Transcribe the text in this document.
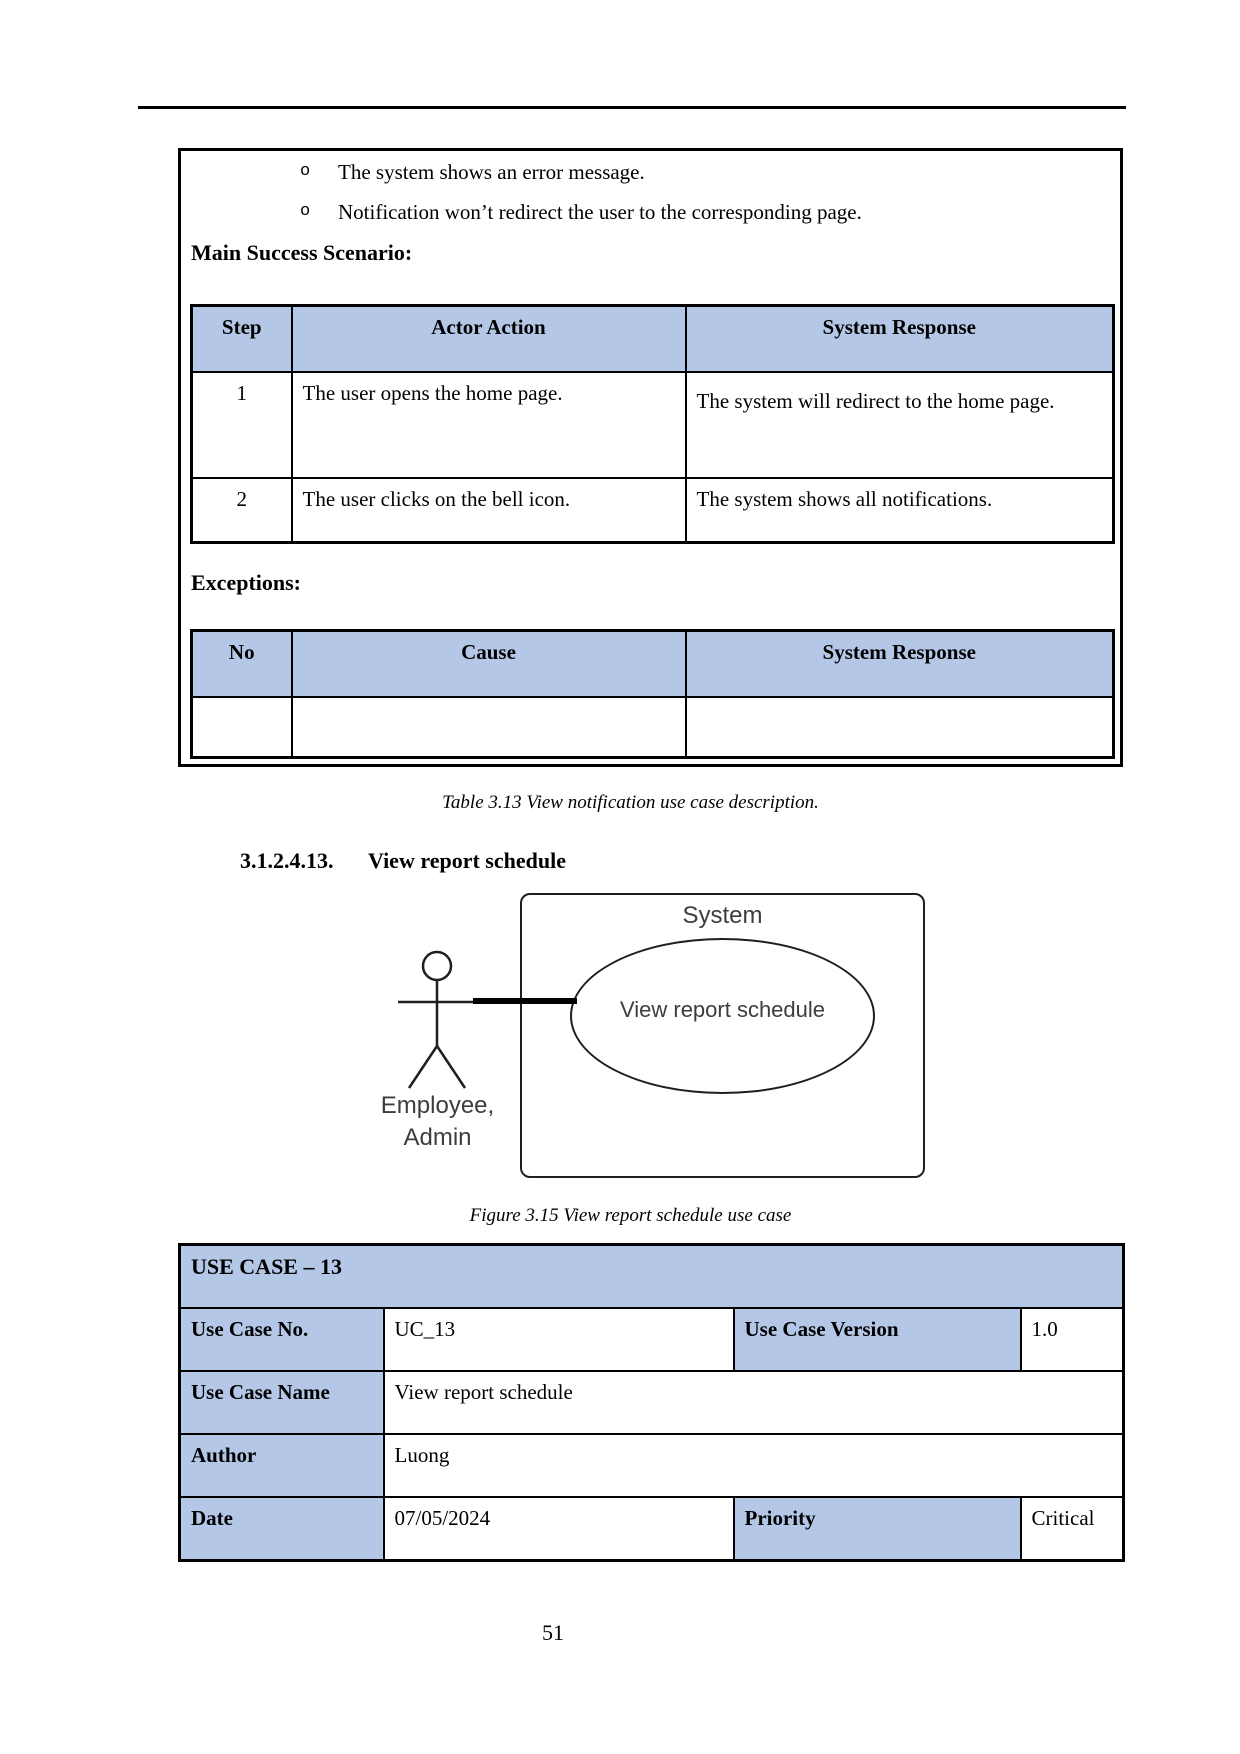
o	The system shows an error message.
o	Notification won’t redirect the user to the corresponding page.
Main Success Scenario:
Step	Actor Action	System Response
1	The user opens the home page.	The system will redirect to the home page.

2	The user clicks on the bell icon.	The system shows all notifications.
Exceptions:
No	Cause	System Response

Table 3.13 View notification use case description.
3.1.2.4.13.	View report schedule
System
View report schedule
Employee,
Admin
Figure 3.15 View report schedule use case
USE CASE – 13			
Use Case No.	UC_13	Use Case Version	1.0
Use Case Name	View report schedule		
Author	Luong		
Date	07/05/2024	Priority	Critical
51
